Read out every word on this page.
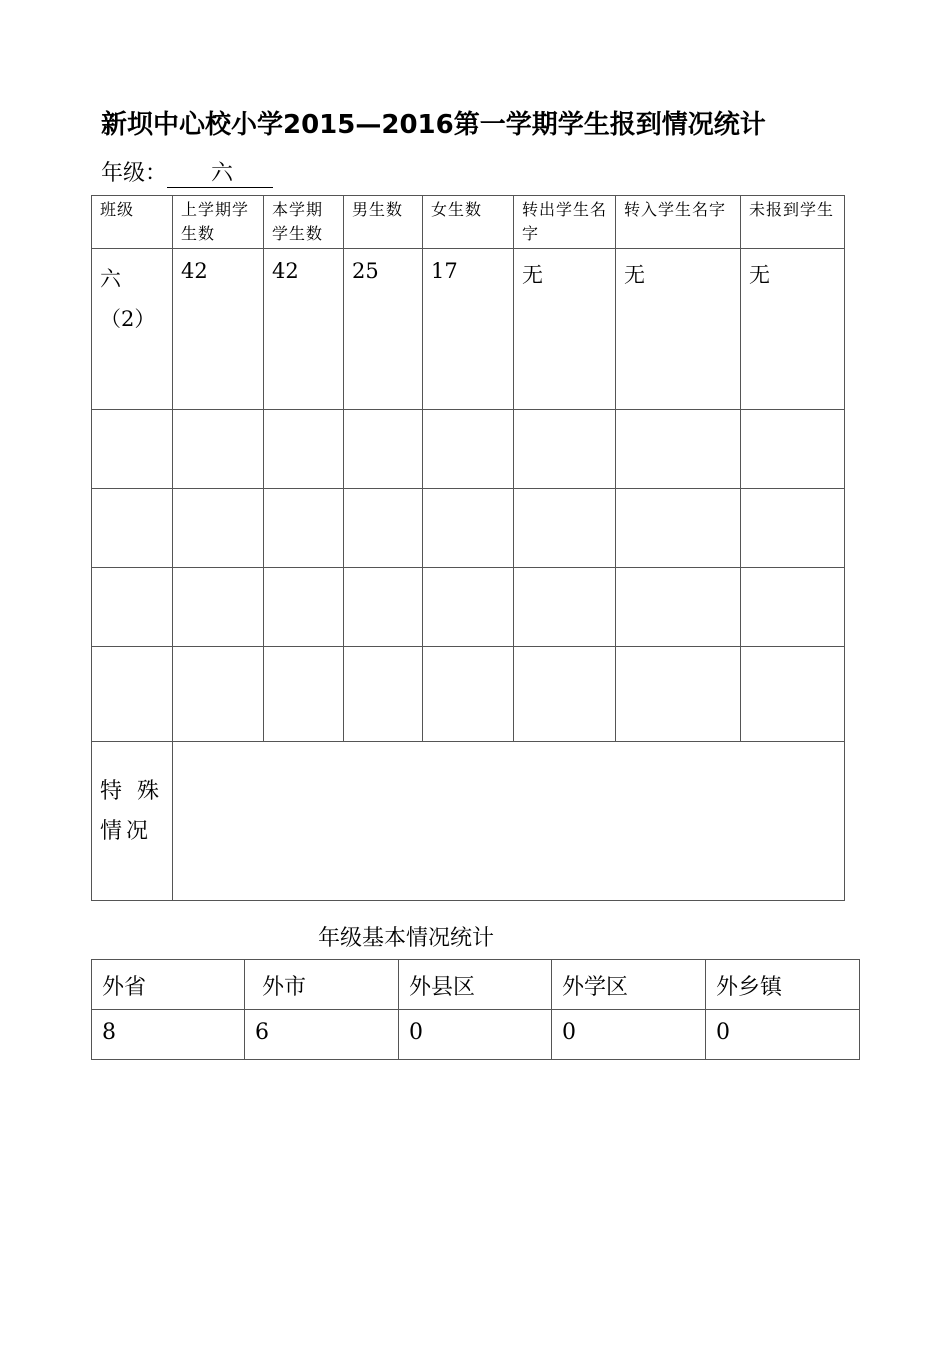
新坝中心校小学2015—2016第一学期学生报到情况统计
年级： 六
班级	上学期学生数	本学期学生数	男生数	女生数	转出学生名字	转入学生名字	未报到学生

六
（2）	42	42	25	17	无	无	无

特 殊
情况							

年级基本情况统计
外省	外市	外县区	外学区	外乡镇
8	6	0	0	0
